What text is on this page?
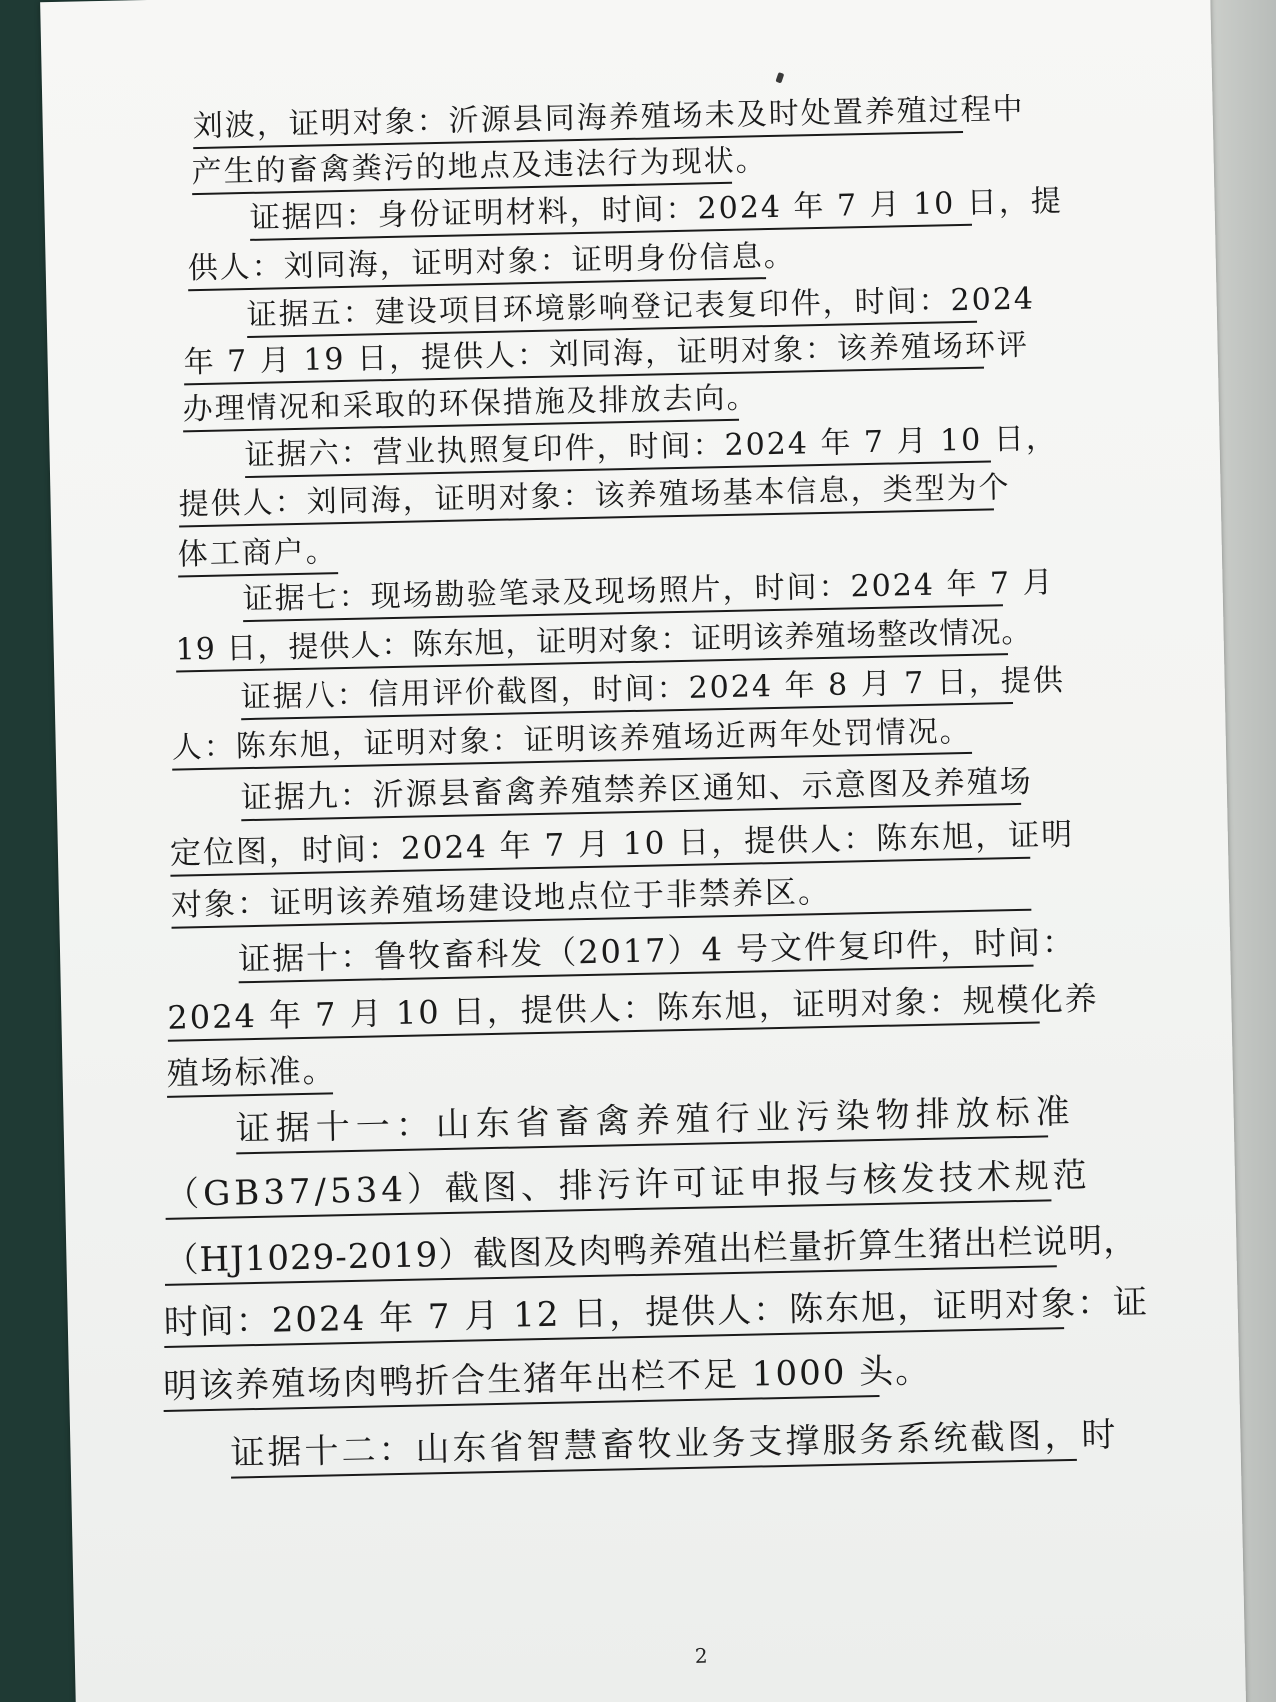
刘波，证明对象：沂源县同海养殖场未及时处置养殖过程中
产生的畜禽粪污的地点及违法行为现状。
证据四：身份证明材料，时间：2024 年 7 月 10 日，提
供人：刘同海，证明对象：证明身份信息。
证据五：建设项目环境影响登记表复印件，时间：2024
年 7 月 19 日，提供人：刘同海，证明对象：该养殖场环评
办理情况和采取的环保措施及排放去向。
证据六：营业执照复印件，时间：2024 年 7 月 10 日，
提供人：刘同海，证明对象：该养殖场基本信息，类型为个
体工商户。
证据七：现场勘验笔录及现场照片，时间：2024 年 7 月
19 日，提供人：陈东旭，证明对象：证明该养殖场整改情况。
证据八：信用评价截图，时间：2024 年 8 月 7 日，提供
人：陈东旭，证明对象：证明该养殖场近两年处罚情况。
证据九：沂源县畜禽养殖禁养区通知、示意图及养殖场
定位图，时间：2024 年 7 月 10 日，提供人：陈东旭，证明
对象：证明该养殖场建设地点位于非禁养区。
证据十：鲁牧畜科发（2017）4 号文件复印件，时间：
2024 年 7 月 10 日，提供人：陈东旭，证明对象：规模化养
殖场标准。
证据十一：山东省畜禽养殖行业污染物排放标准
（GB37/534）截图、排污许可证申报与核发技术规范
（HJ1029-2019）截图及肉鸭养殖出栏量折算生猪出栏说明，
时间：2024 年 7 月 12 日，提供人：陈东旭，证明对象：证
明该养殖场肉鸭折合生猪年出栏不足 1000 头。
证据十二：山东省智慧畜牧业务支撑服务系统截图，时
2
